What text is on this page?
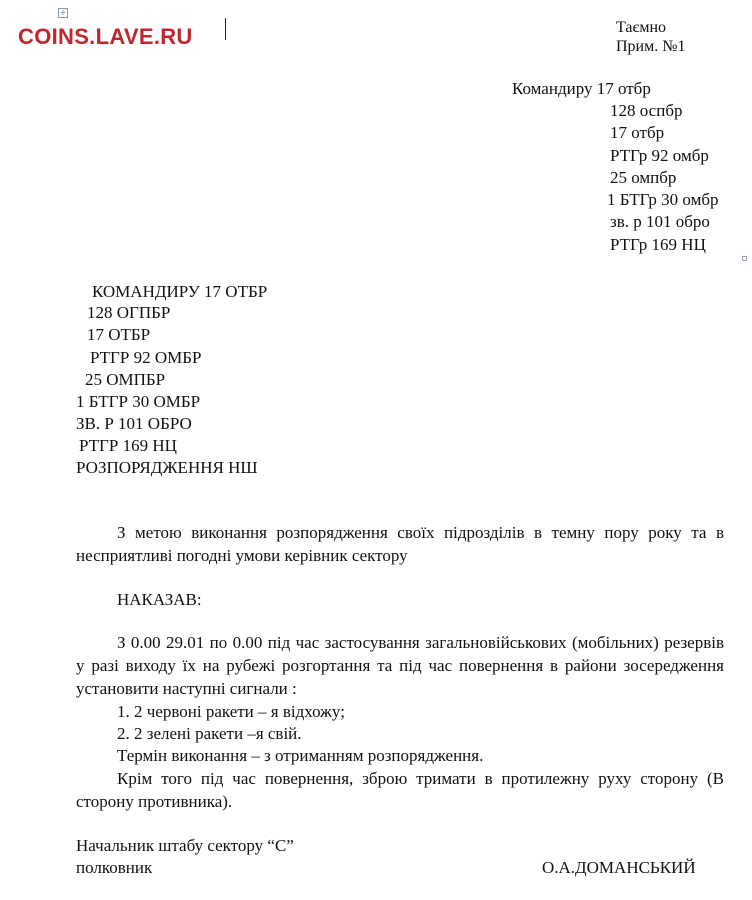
+
COINS.LAVE.RU	Таємно
Прим. №1
Командиру 17 отбр
128 оспбр
17 отбр
РТГр 92 омбр
25 омпбр
1 БТГр 30 омбр
зв. р 101 обро
РТГр 169 НЦ
КОМАНДИРУ 17 ОТБР
128 ОГПБР
17 ОТБР
РТГР 92 ОМБР
25 ОМПБР
1 БТГР 30 ОМБР
ЗВ. Р 101 ОБРО
РТГР 169 НЦ
РОЗПОРЯДЖЕННЯ НШ
З метою виконання розпорядження своїх підрозділів в темну пору року та в несприятливі погодні умови керівник сектору
НАКАЗАВ:
З 0.00 29.01 по 0.00 під час застосування загальновійськових (мобільних) резервів у разі виходу їх на рубежі розгортання та під час повернення в райони зосередження установити наступні сигнали :
1. 2 червоні ракети – я відхожу;
2. 2 зелені ракети –я свій.
Термін виконання – з отриманням розпорядження.
Крім того під час повернення, зброю тримати в протилежну руху сторону (В сторону противника).
Начальник штабу сектору “С”
полковник	О.А.ДОМАНСЬКИЙ
